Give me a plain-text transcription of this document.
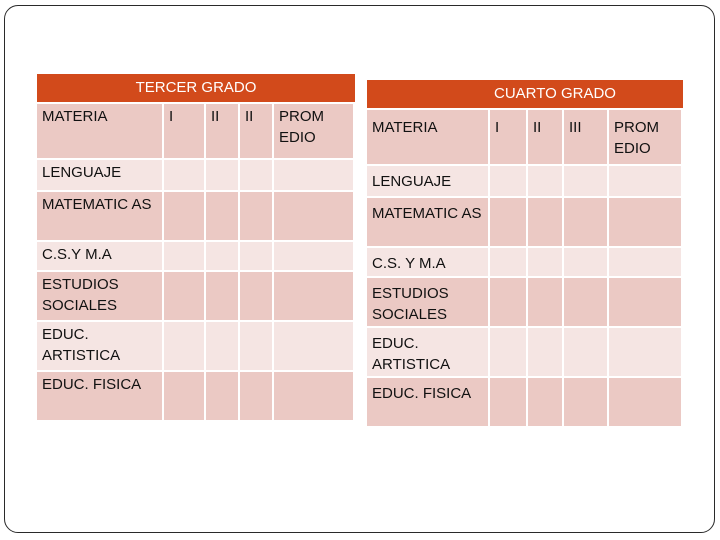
TERCER GRADO
MATERIA	I	II	II	PROM EDIO
LENGUAJE
MATEMATIC AS
C.S.Y M.A
ESTUDIOS SOCIALES
EDUC. ARTISTICA
EDUC. FISICA
CUARTO GRADO
MATERIA	I	II	III	PROM EDIO
LENGUAJE
MATEMATIC AS
C.S. Y M.A
ESTUDIOS SOCIALES
EDUC. ARTISTICA
EDUC. FISICA
